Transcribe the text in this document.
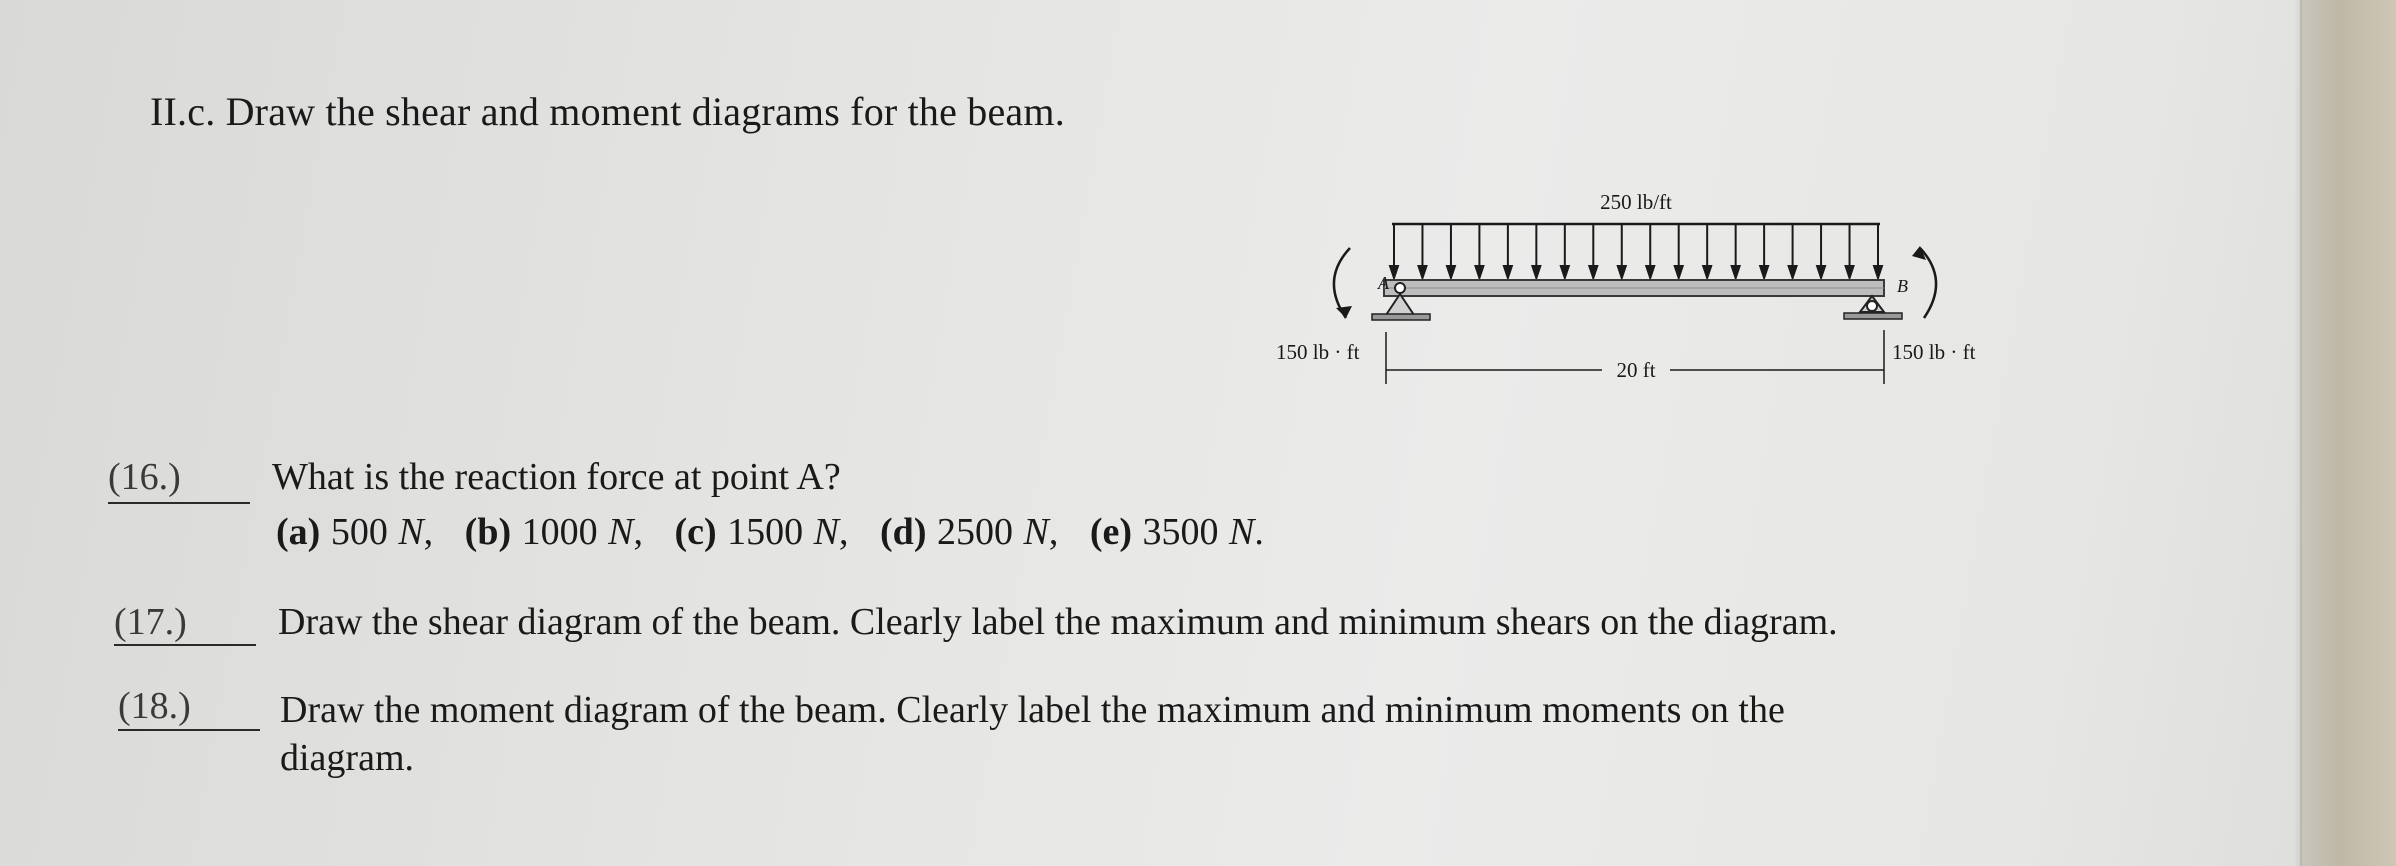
II.c. Draw the shear and moment diagrams for the beam.
250 lb/ft
A	B
150 lb · ft	150 lb · ft
20 ft
(16.) What is the reaction force at point A?
(a) 500 N, (b) 1000 N, (c) 1500 N, (d) 2500 N, (e) 3500 N.
(17.) Draw the shear diagram of the beam. Clearly label the maximum and minimum shears on the diagram.
(18.) Draw the moment diagram of the beam. Clearly label the maximum and minimum moments on the
diagram.
